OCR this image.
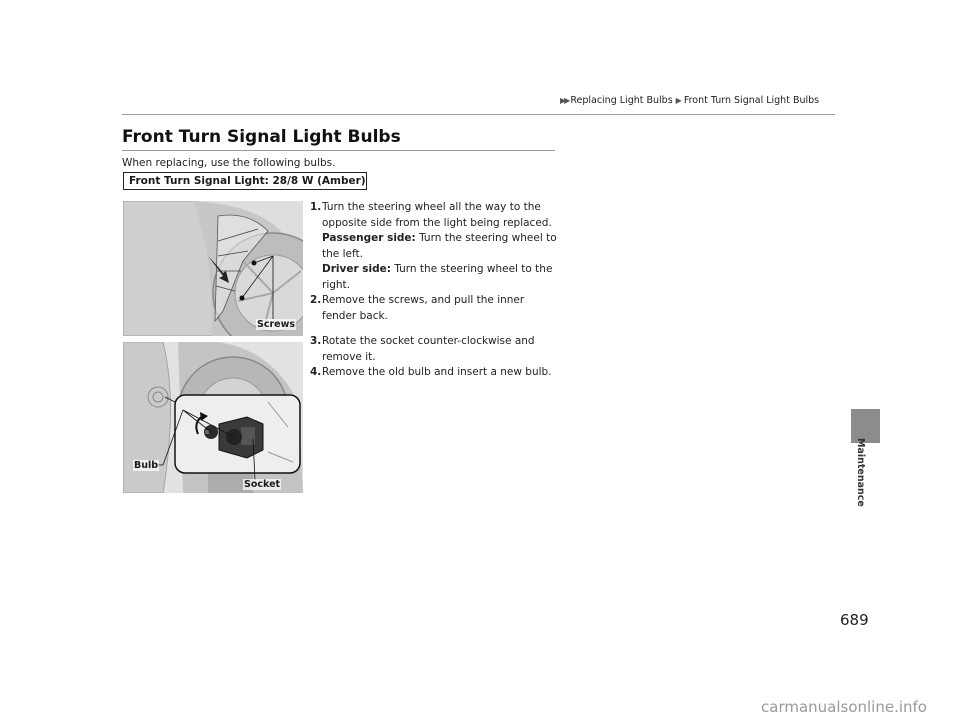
▶▶ Replacing Light Bulbs ▶ Front Turn Signal Light Bulbs
Front Turn Signal Light Bulbs
When replacing, use the following bulbs.
Front Turn Signal Light: 28/8 W (Amber)
Screws
Bulb
Socket
1. Turn the steering wheel all the way to the opposite side from the light being replaced.
Passenger side: Turn the steering wheel to the left.
Driver side: Turn the steering wheel to the right.
2. Remove the screws, and pull the inner fender back.
3. Rotate the socket counter-clockwise and remove it.
4. Remove the old bulb and insert a new bulb.
Maintenance
689
carmanualsonline.info
